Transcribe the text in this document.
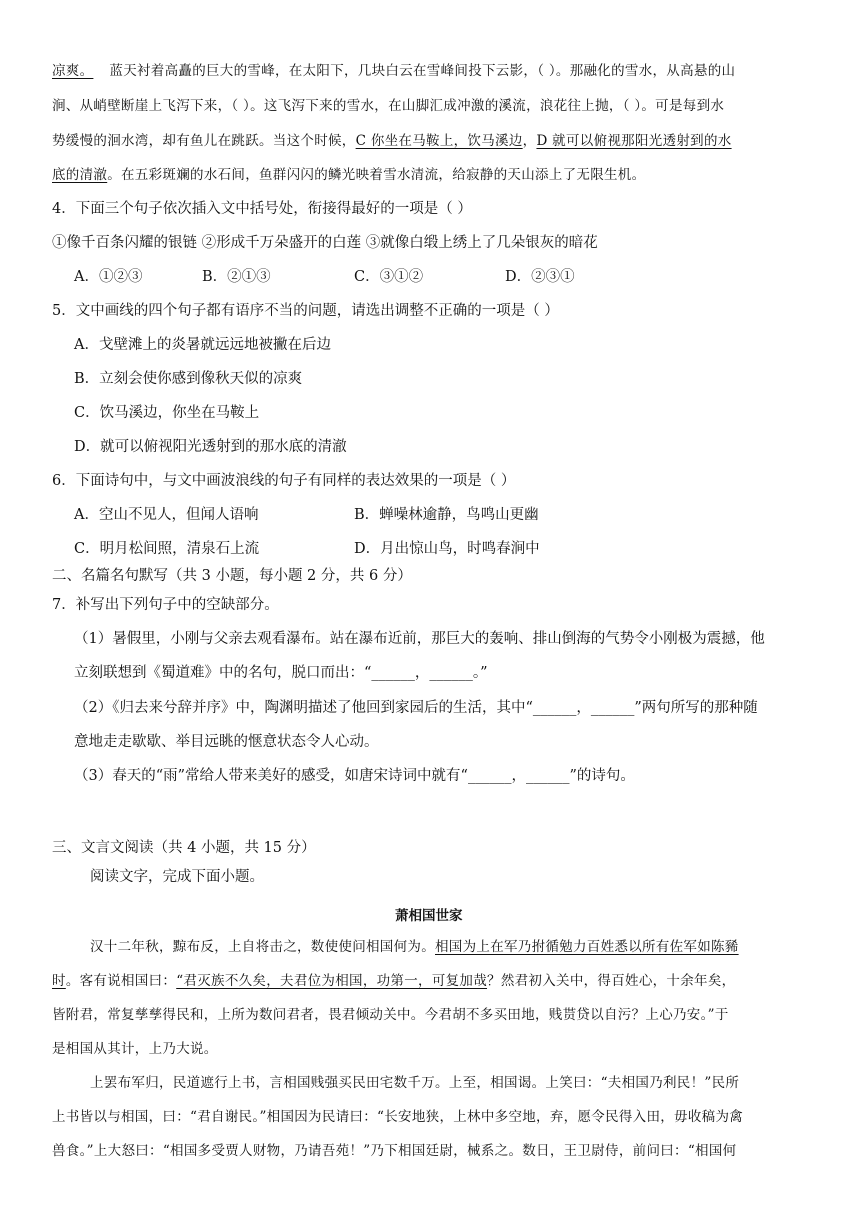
凉爽。 蓝天衬着高矗的巨大的雪峰，在太阳下，几块白云在雪峰间投下云影，（ ）。那融化的雪水，从高悬的山
涧、从峭壁断崖上飞泻下来，（ ）。这飞泻下来的雪水，在山脚汇成冲激的溪流，浪花往上抛，（ ）。可是每到水
势缓慢的洄水湾，却有鱼儿在跳跃。当这个时候，C 你坐在马鞍上，饮马溪边，D 就可以俯视那阳光透射到的水
底的清澈。在五彩斑斓的水石间，鱼群闪闪的鳞光映着雪水清流，给寂静的天山添上了无限生机。
4．下面三个句子依次插入文中括号处，衔接得最好的一项是（ ）
①像千百条闪耀的银链 ②形成千万朵盛开的白莲 ③就像白缎上绣上了几朵银灰的暗花
A．①②③	B．②①③	C．③①②	D．②③①
5．文中画线的四个句子都有语序不当的问题，请选出调整不正确的一项是（ ）
A．戈壁滩上的炎暑就远远地被撇在后边
B．立刻会使你感到像秋天似的凉爽
C．饮马溪边，你坐在马鞍上
D．就可以俯视阳光透射到的那水底的清澈
6．下面诗句中，与文中画波浪线的句子有同样的表达效果的一项是（ ）
A．空山不见人，但闻人语响	B．蝉噪林逾静，鸟鸣山更幽
C．明月松间照，清泉石上流	D．月出惊山鸟，时鸣春涧中
二、名篇名句默写（共 3 小题，每小题 2 分，共 6 分）
7．补写出下列句子中的空缺部分。
（1）暑假里，小刚与父亲去观看瀑布。站在瀑布近前，那巨大的轰响、排山倒海的气势令小刚极为震撼，他
立刻联想到《蜀道难》中的名句，脱口而出：“______，______。”
（2）《归去来兮辞并序》中，陶渊明描述了他回到家园后的生活，其中“______，______”两句所写的那种随
意地走走歇歇、举目远眺的惬意状态令人心动。
（3）春天的“雨”常给人带来美好的感受，如唐宋诗词中就有“______，______”的诗句。
三、文言文阅读（共 4 小题，共 15 分）
阅读文字，完成下面小题。
萧相国世家
汉十二年秋，黥布反，上自将击之，数使使问相国何为。相国为上在军乃拊循勉力百姓悉以所有佐军如陈豨
时。客有说相国曰：“君灭族不久矣，夫君位为相国，功第一，可复加哉？然君初入关中，得百姓心，十余年矣，
皆附君，常复孳孳得民和，上所为数问君者，畏君倾动关中。今君胡不多买田地，贱贳贷以自污？上心乃安。”于
是相国从其计，上乃大说。
上罢布军归，民道遮行上书，言相国贱强买民田宅数千万。上至，相国谒。上笑曰：“夫相国乃利民！”民所
上书皆以与相国，曰：“君自谢民。”相国因为民请曰：“长安地狭，上林中多空地，弃，愿令民得入田，毋收稿为禽
兽食。”上大怒曰：“相国多受贾人财物，乃请吾苑！”乃下相国廷尉，械系之。数日，王卫尉侍，前问曰：“相国何
